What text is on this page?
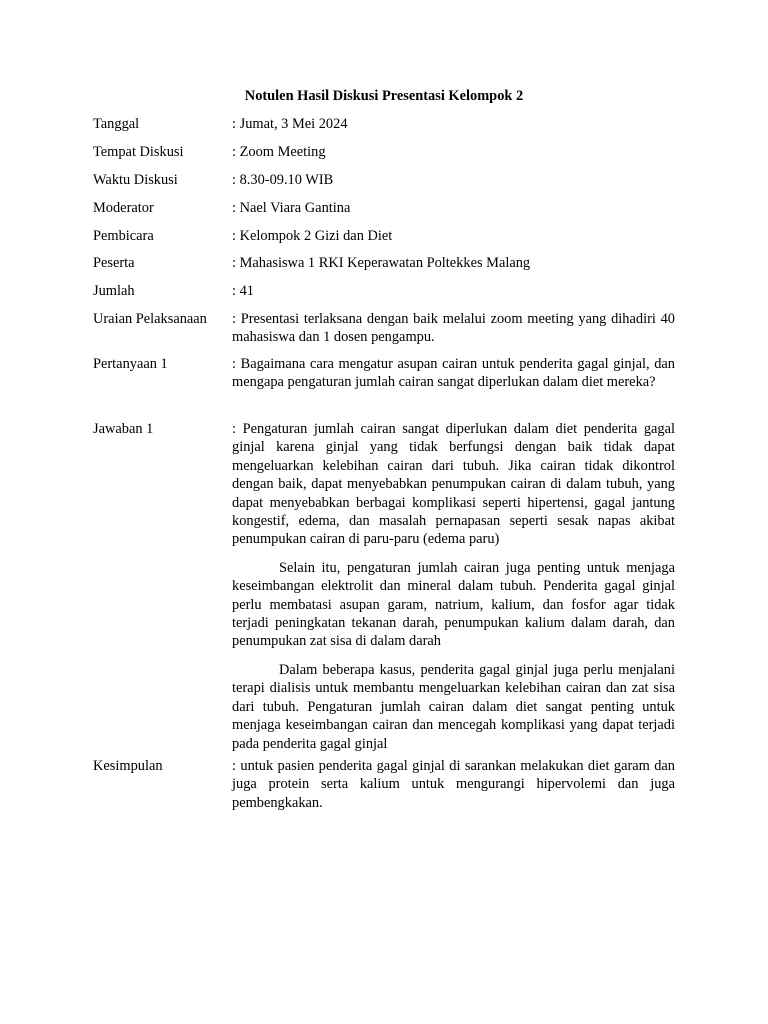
Notulen Hasil Diskusi Presentasi Kelompok 2
Tanggal	: Jumat, 3 Mei 2024
Tempat Diskusi	: Zoom Meeting
Waktu Diskusi	: 8.30-09.10 WIB
Moderator	: Nael Viara Gantina
Pembicara	: Kelompok 2 Gizi dan Diet
Peserta	: Mahasiswa 1 RKI Keperawatan Poltekkes Malang
Jumlah	: 41
Uraian Pelaksanaan	: Presentasi terlaksana dengan baik melalui zoom meeting yang dihadiri 40 mahasiswa dan 1 dosen pengampu.
Pertanyaan 1	: Bagaimana cara mengatur asupan cairan untuk penderita gagal ginjal, dan mengapa pengaturan jumlah cairan sangat diperlukan dalam diet mereka?
Jawaban 1	: Pengaturan jumlah cairan sangat diperlukan dalam diet penderita gagal ginjal karena ginjal yang tidak berfungsi dengan baik tidak dapat mengeluarkan kelebihan cairan dari tubuh. Jika cairan tidak dikontrol dengan baik, dapat menyebabkan penumpukan cairan di dalam tubuh, yang dapat menyebabkan berbagai komplikasi seperti hipertensi, gagal jantung kongestif, edema, dan masalah pernapasan seperti sesak napas akibat penumpukan cairan di paru-paru (edema paru)

Selain itu, pengaturan jumlah cairan juga penting untuk menjaga keseimbangan elektrolit dan mineral dalam tubuh. Penderita gagal ginjal perlu membatasi asupan garam, natrium, kalium, dan fosfor agar tidak terjadi peningkatan tekanan darah, penumpukan kalium dalam darah, dan penumpukan zat sisa di dalam darah

Dalam beberapa kasus, penderita gagal ginjal juga perlu menjalani terapi dialisis untuk membantu mengeluarkan kelebihan cairan dan zat sisa dari tubuh. Pengaturan jumlah cairan dalam diet sangat penting untuk menjaga keseimbangan cairan dan mencegah komplikasi yang dapat terjadi pada penderita gagal ginjal

Kesimpulan	: untuk pasien penderita gagal ginjal di sarankan melakukan diet garam dan juga protein serta kalium untuk mengurangi hipervolemi dan juga pembengkakan.
